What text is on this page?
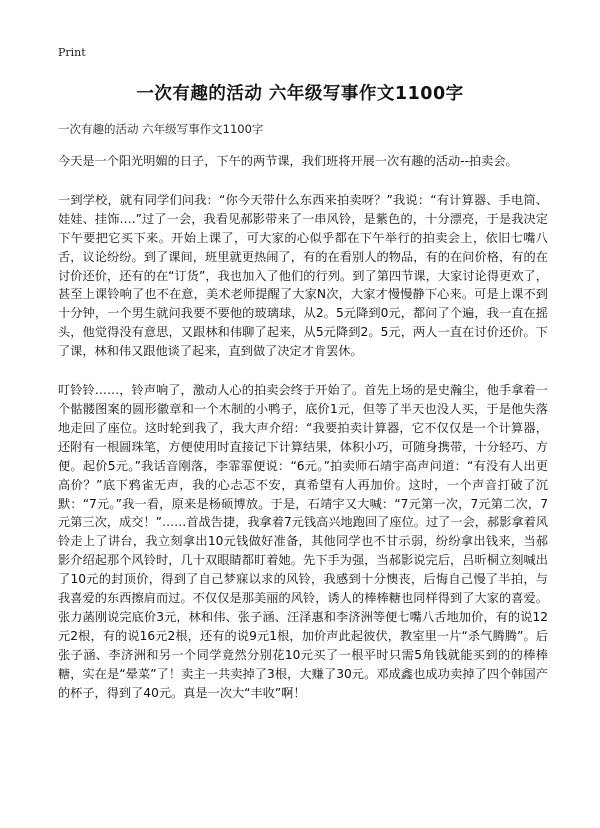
Print
一次有趣的活动 六年级写事作文1100字
一次有趣的活动 六年级写事作文1100字

今天是一个阳光明媚的日子，下午的两节课，我们班将开展一次有趣的活动--拍卖会。

一到学校，就有同学们问我：“你今天带什么东西来拍卖呀？”我说：“有计算器、手电筒、娃娃、挂饰….”过了一会，我看见郝影带来了一串风铃，是紫色的，十分漂亮，于是我决定下午要把它买下来。开始上课了，可大家的心似乎都在下午举行的拍卖会上，依旧七嘴八舌，议论纷纷。到了课间，班里就更热闹了，有的在看别人的物品，有的在问价格，有的在讨价还价，还有的在“订货”，我也加入了他们的行列。到了第四节课，大家讨论得更欢了，甚至上课铃响了也不在意，美术老师提醒了大家N次，大家才慢慢静下心来。可是上课不到十分钟，一个男生就问我要不要他的玻璃球，从2。5元降到0元，都问了个遍，我一直在摇头，他觉得没有意思，又跟林和伟聊了起来，从5元降到2。5元，两人一直在讨价还价。下了课，林和伟又跟他谈了起来，直到做了决定才肯罢休。

叮铃铃……，铃声响了，激动人心的拍卖会终于开始了。首先上场的是史瀚尘，他手拿着一个骷髅图案的圆形徽章和一个木制的小鸭子，底价1元，但等了半天也没人买，于是他失落地走回了座位。这时轮到我了，我大声介绍：“我要拍卖计算器，它不仅仅是一个计算器，还附有一根圆珠笔，方便使用时直接记下计算结果，体积小巧，可随身携带，十分轻巧、方便。起价5元。”我话音刚落，李霏霏便说：“6元。”拍卖师石靖宇高声问道：“有没有人出更高价？”底下鸦雀无声，我的心忐忑不安，真希望有人再加价。这时，一个声音打破了沉默：“7元。”我一看，原来是杨硕博放。于是，石靖宇又大喊：“7元第一次，7元第二次，7元第三次，成交！”……首战告捷，我拿着7元钱高兴地跑回了座位。过了一会，郝影拿着风铃走上了讲台，我立刻拿出10元钱做好准备，其他同学也不甘示弱，纷纷拿出钱来，当郝影介绍起那个风铃时，几十双眼睛都盯着她。先下手为强，当郝影说完后，吕昕桐立刻喊出了10元的封顶价，得到了自己梦寐以求的风铃，我感到十分懊丧，后悔自己慢了半拍，与我喜爱的东西擦肩而过。不仅仅是那美丽的风铃，诱人的棒棒糖也同样得到了大家的喜爱。张力菡刚说完底价3元，林和伟、张子涵、汪泽惠和李济洲等便七嘴八舌地加价，有的说12元2根，有的说16元2根，还有的说9元1根，加价声此起彼伏，教室里一片“杀气腾腾”。后张子涵、李济洲和另一个同学竟然分别花10元买了一根平时只需5角钱就能买到的的棒棒糖，实在是“晕菜”了！卖主一共卖掉了3根，大赚了30元。邓成鑫也成功卖掉了四个韩国产的杯子，得到了40元。真是一次大“丰收”啊！
